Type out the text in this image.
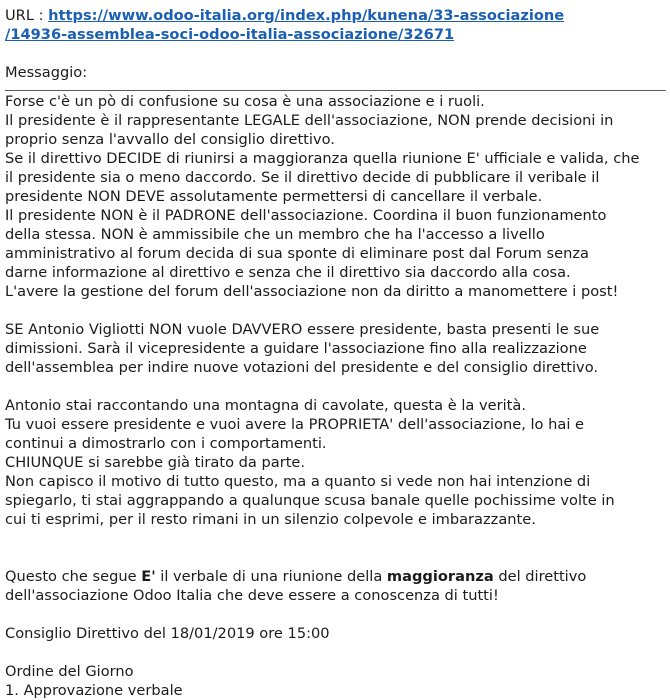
URL : https://www.odoo-italia.org/index.php/kunena/33-associazione
/14936-assemblea-soci-odoo-italia-associazione/32671
Messaggio:
Forse c'è un pò di confusione su cosa è una associazione e i ruoli.
Il presidente è il rappresentante LEGALE dell'associazione, NON prende decisioni in
proprio senza l'avvallo del consiglio direttivo.
Se il direttivo DECIDE di riunirsi a maggioranza quella riunione E' ufficiale e valida, che
il presidente sia o meno daccordo. Se il direttivo decide di pubblicare il veribale il
presidente NON DEVE assolutamente permettersi di cancellare il verbale.
Il presidente NON è il PADRONE dell'associazione. Coordina il buon funzionamento
della stessa. NON è ammissibile che un membro che ha l'accesso a livello
amministrativo al forum decida di sua sponte di eliminare post dal Forum senza
darne informazione al direttivo e senza che il direttivo sia daccordo alla cosa.
L'avere la gestione del forum dell'associazione non da diritto a manomettere i post!
SE Antonio Vigliotti NON vuole DAVVERO essere presidente, basta presenti le sue
dimissioni. Sarà il vicepresidente a guidare l'associazione fino alla realizzazione
dell'assemblea per indire nuove votazioni del presidente e del consiglio direttivo.
Antonio stai raccontando una montagna di cavolate, questa è la verità.
Tu vuoi essere presidente e vuoi avere la PROPRIETA' dell'associazione, lo hai e
continui a dimostrarlo con i comportamenti.
CHIUNQUE si sarebbe già tirato da parte.
Non capisco il motivo di tutto questo, ma a quanto si vede non hai intenzione di
spiegarlo, ti stai aggrappando a qualunque scusa banale quelle pochissime volte in
cui ti esprimi, per il resto rimani in un silenzio colpevole e imbarazzante.
Questo che segue E' il verbale di una riunione della maggioranza del direttivo
dell'associazione Odoo Italia che deve essere a conoscenza di tutti!
Consiglio Direttivo del 18/01/2019 ore 15:00
Ordine del Giorno
1. Approvazione verbale
